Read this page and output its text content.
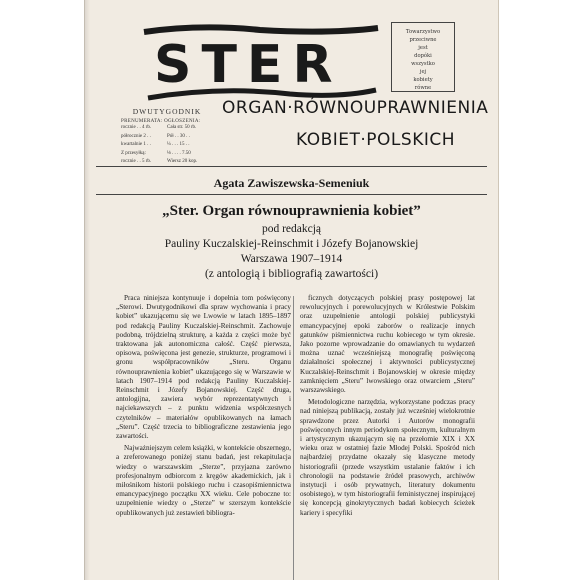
STER
Towarzystwo
przeciwne
jest
dopóki
wszystko
jej
kobiety
równe
ORGAN·RÓWNOUPRAWNIENIA
KOBIET·POLSKICH
DWUTYGODNIK
PRENUMERATA: OGŁOSZENIA:
rocznie . . 4 rb.	Cała str. 50 rb.
półrocznie 2 . .	Pół . . 30 . .
kwartalnie 1 . .	¼ . . . 15 . .
Z przesyłką:	⅛ . . . . 7.50
rocznie . . 5 rb.	Wiersz 20 kop.
Agata Zawiszewska-Semeniuk
„Ster. Organ równouprawnienia kobiet”
pod redakcją
Pauliny Kuczalskiej-Reinschmit i Józefy Bojanowskiej
Warszawa 1907–1914
(z antologią i bibliografią zawartości)

Praca niniejsza kontynuuje i dopełnia tom poświęcony „Sterowi. Dwutygodnikowi dla spraw wychowania i pracy kobiet” ukazującemu się we Lwowie w latach 1895–1897 pod redakcją Pauliny Kuczalskiej-Reinschmit. Zachowuje podobną, trójdzielną strukturę, a każda z części może być traktowana jak autonomiczna całość. Część pierwsza, opisowa, poświęcona jest genezie, strukturze, programowi i gronu współpracowników „Steru. Organu równouprawnienia kobiet” ukazującego się w Warszawie w latach 1907–1914 pod redakcją Pauliny Kuczalskiej-Reinschmit i Józefy Bojanowskiej. Część druga, antologijna, zawiera wybór reprezentatywnych i najciekawszych – z punktu widzenia współczesnych czytelników – materiałów opublikowanych na łamach „Steru”. Część trzecia to bibliograficzne zestawienia jego zawartości.

Najważniejszym celem książki, w kontekście obszernego, a zreferowanego poniżej stanu badań, jest rekapitulacja wiedzy o warszawskim „Sterze”, przyjazna zarówno profesjonalnym odbiorcom z kręgów akademickich, jak i miłośnikom historii polskiego ruchu i czasopiśmiennictwa emancypacyjnego początku XX wieku. Cele poboczne to: uzupełnienie wiedzy o „Sterze” w szerszym kontekście opublikowanych już zestawień bibliogra-

ficznych dotyczących polskiej prasy postępowej lat rewolucyjnych i porewolucyjnych w Królestwie Polskim oraz uzupełnienie antologii polskiej publicystyki emancypacyjnej epoki zaborów o realizacje innych gatunków piśmiennictwa ruchu kobiecego w tym okresie. Jako pozorne wprowadzanie do omawianych tu wydarzeń można uznać wcześniejszą monografię poświęconą działalności społecznej i aktywności publicystycznej Kuczalskiej-Reinschmit i Bojanowskiej w okresie między zamknięciem „Steru” lwowskiego oraz otwarciem „Steru” warszawskiego.

Metodologiczne narzędzia, wykorzystane podczas pracy nad niniejszą publikacją, zostały już wcześniej wielokrotnie sprawdzone przez Autorki i Autorów monografii poświęconych innym periodykom społecznym, kulturalnym i artystycznym ukazującym się na przełomie XIX i XX wieku oraz w ostatniej fazie Młodej Polski. Spośród nich najbardziej przydatne okazały się klasyczne metody historiografii (przede wszystkim ustalanie faktów i ich chronologii na podstawie źródeł prasowych, archiwów instytucji i osób prywatnych, literatury dokumentu osobistego), w tym historiografii feministycznej inspirującej się koncepcją ginokrytycznych badań kobiecych ścieżek kariery i specyfiki
